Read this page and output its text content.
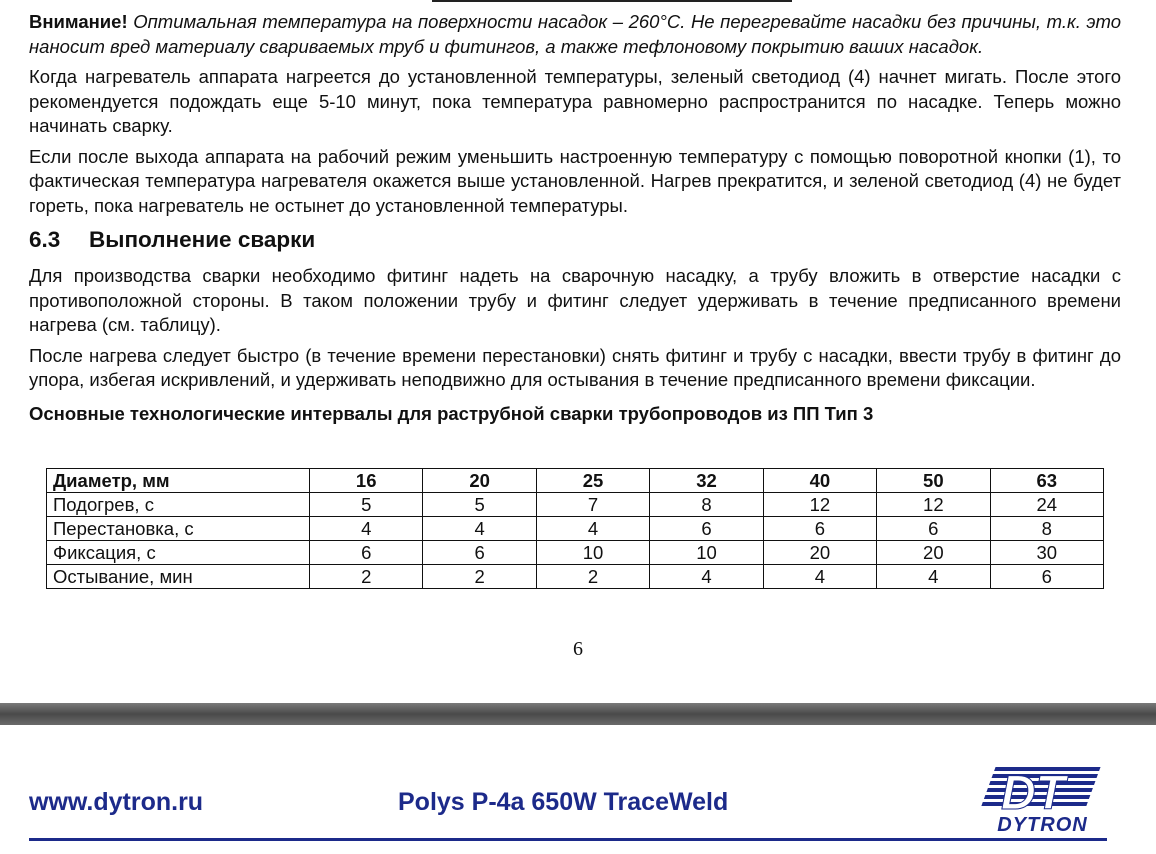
Внимание! Оптимальная температура на поверхности насадок – 260°С. Не перегревайте насадки без причины, т.к. это наносит вред материалу свариваемых труб и фитингов, а также тефлоновому покрытию ваших насадок.

Когда нагреватель аппарата нагреется до установленной температуры, зеленый светодиод (4) начнет мигать. После этого рекомендуется подождать еще 5-10 минут, пока температура равномерно распространится по насадке. Теперь можно начинать сварку.

Если после выхода аппарата на рабочий режим уменьшить настроенную температуру с помощью поворотной кнопки (1), то фактическая температура нагревателя окажется выше установленной. Нагрев прекратится, и зеленой светодиод (4) не будет гореть, пока нагреватель не остынет до установленной температуры.

6.3 Выполнение сварки

Для производства сварки необходимо фитинг надеть на сварочную насадку, а трубу вложить в отверстие насадки с противоположной стороны. В таком положении трубу и фитинг следует удерживать в течение предписанного времени нагрева (см. таблицу).

После нагрева следует быстро (в течение времени перестановки) снять фитинг и трубу с насадки, ввести трубу в фитинг до упора, избегая искривлений, и удерживать неподвижно для остывания в течение предписанного времени фиксации.

Основные технологические интервалы для раструбной сварки трубопроводов из ПП Тип 3
Диаметр, мм	16	20	25	32	40	50	63
Подогрев, с	5	5	7	8	12	12	24
Перестановка, с	4	4	4	6	6	6	8
Фиксация, с	6	6	10	10	20	20	30
Остывание, мин	2	2	2	4	4	4	6
6
www.dytron.ru	Polys P-4a 650W TraceWeld	DT
DYTRON
